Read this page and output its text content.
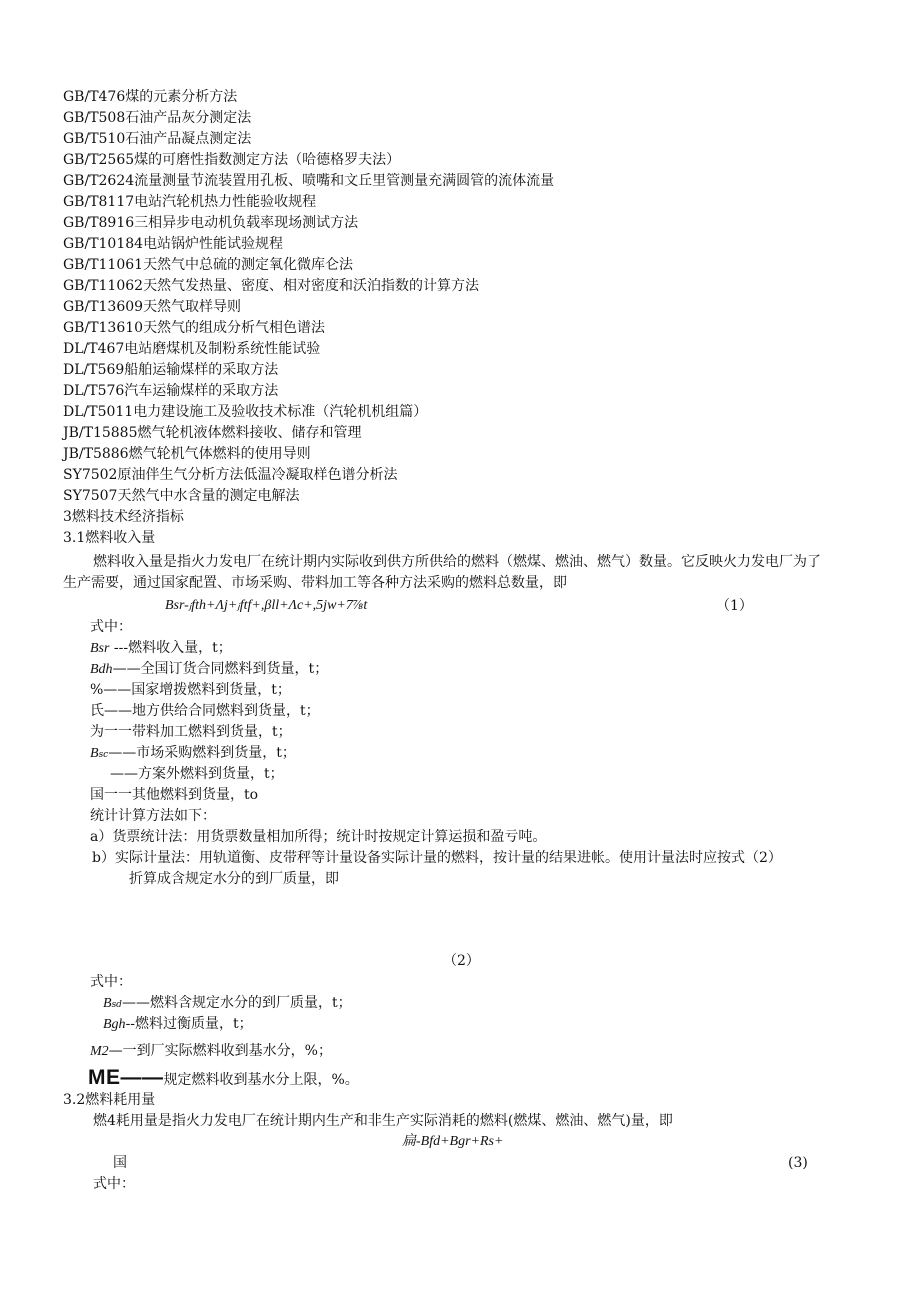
GB/T476煤的元素分析方法
GB/T508石油产品灰分测定法
GB/T510石油产品凝点测定法
GB/T2565煤的可磨性指数测定方法（哈德格罗夫法）
GB/T2624流量测量节流装置用孔板、喷嘴和文丘里管测量充满圆管的流体流量
GB/T8117电站汽轮机热力性能验收规程
GB/T8916三相异步电动机负载率现场测试方法
GB/T10184电站锅炉性能试验规程
GB/T11061天然气中总硫的测定氧化微库仑法
GB/T11062天然气发热量、密度、相对密度和沃泊指数的计算方法
GB/T13609天然气取样导则
GB/T13610天然气的组成分析气相色谱法
DL/T467电站磨煤机及制粉系统性能试验
DL/T569船舶运输煤样的采取方法
DL/T576汽车运输煤样的采取方法
DL/T5011电力建设施工及验收技术标准（汽轮机机组篇）
JB/T15885燃气轮机液体燃料接收、储存和管理
JB/T5886燃气轮机气体燃料的使用导则
SY7502原油伴生气分析方法低温冷凝取样色谱分析法
SY7507天然气中水含量的测定电解法
3燃料技术经济指标
3.1燃料收入量
燃料收入量是指火力发电厂在统计期内实际收到供方所供给的燃料（燃煤、燃油、燃气）数量。它反映火力发电厂为了生产需要，通过国家配置、市场采购、带料加工等各种方法采购的燃料总数量，即
Bsr-ⱼfth+Λj+ⱼftf+,βll+Λc+,5jw+7⅞t	（1）
式中：
Bsr ---燃料收入量，t；
Bdh——全国订货合同燃料到货量，t；
%——国家增拨燃料到货量，t；
氏——地方供给合同燃料到货量，t；
为一一带料加工燃料到货量，t；
Bsc——市场采购燃料到货量，t；
——方案外燃料到货量，t；
国一一其他燃料到货量，to
统计计算方法如下：
a）货票统计法：用货票数量相加所得；统计时按规定计算运损和盈亏吨。
b）实际计量法：用轨道衡、皮带秤等计量设备实际计量的燃料，按计量的结果进帐。使用计量法时应按式（2）
折算成含规定水分的到厂质量，即
（2）
式中：
Bsd——燃料含规定水分的到厂质量，t；
Bgh--燃料过衡质量，t；
M2—一到厂实际燃料收到基水分，%；
ME——规定燃料收到基水分上限，%。
3.2燃料耗用量
燃4耗用量是指火力发电厂在统计期内生产和非生产实际消耗的燃料(燃煤、燃油、燃气)量，即
扁-Bfd+Bgr+Rs+
国	(3)
式中：
